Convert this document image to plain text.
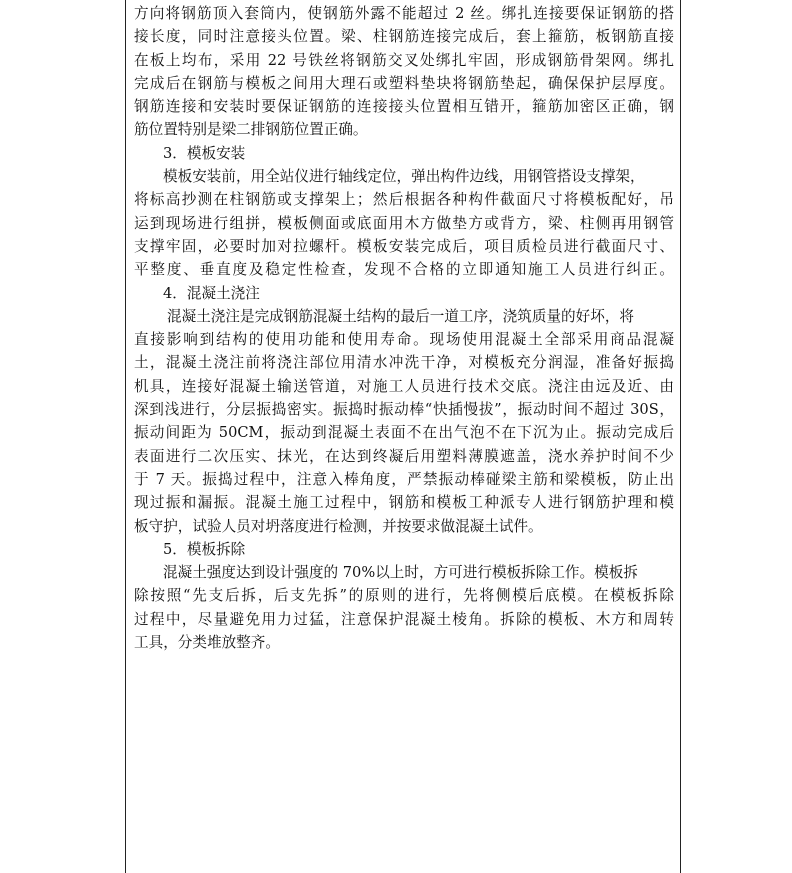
方向将钢筋顶入套筒内，使钢筋外露不能超过 2 丝。绑扎连接要保证钢筋的搭
接长度，同时注意接头位置。梁、柱钢筋连接完成后，套上箍筋，板钢筋直接
在板上均布，采用 22 号铁丝将钢筋交叉处绑扎牢固，形成钢筋骨架网。绑扎
完成后在钢筋与模板之间用大理石或塑料垫块将钢筋垫起，确保保护层厚度。
钢筋连接和安装时要保证钢筋的连接接头位置相互错开，箍筋加密区正确，钢
筋位置特别是梁二排钢筋位置正确。
3．模板安装
模板安装前，用全站仪进行轴线定位，弹出构件边线，用钢管搭设支撑架，
将标高抄测在柱钢筋或支撑架上；然后根据各种构件截面尺寸将模板配好，吊
运到现场进行组拼，模板侧面或底面用木方做垫方或背方，梁、柱侧再用钢管
支撑牢固，必要时加对拉螺杆。模板安装完成后，项目质检员进行截面尺寸、
平整度、垂直度及稳定性检查，发现不合格的立即通知施工人员进行纠正。
4．混凝土浇注
混凝土浇注是完成钢筋混凝土结构的最后一道工序，浇筑质量的好坏，将
直接影响到结构的使用功能和使用寿命。现场使用混凝土全部采用商品混凝
土，混凝土浇注前将浇注部位用清水冲洗干净，对模板充分润湿，准备好振捣
机具，连接好混凝土输送管道，对施工人员进行技术交底。浇注由远及近、由
深到浅进行，分层振捣密实。振捣时振动棒“快插慢拔”，振动时间不超过 30S，
振动间距为 50CM，振动到混凝土表面不在出气泡不在下沉为止。振动完成后
表面进行二次压实、抹光，在达到终凝后用塑料薄膜遮盖，浇水养护时间不少
于 7 天。振捣过程中，注意入棒角度，严禁振动棒碰梁主筋和梁模板，防止出
现过振和漏振。混凝土施工过程中，钢筋和模板工种派专人进行钢筋护理和模
板守护，试验人员对坍落度进行检测，并按要求做混凝土试件。
5．模板拆除
混凝土强度达到设计强度的 70%以上时，方可进行模板拆除工作。模板拆
除按照“先支后拆，后支先拆”的原则的进行，先将侧模后底模。在模板拆除
过程中，尽量避免用力过猛，注意保护混凝土棱角。拆除的模板、木方和周转
工具，分类堆放整齐。
